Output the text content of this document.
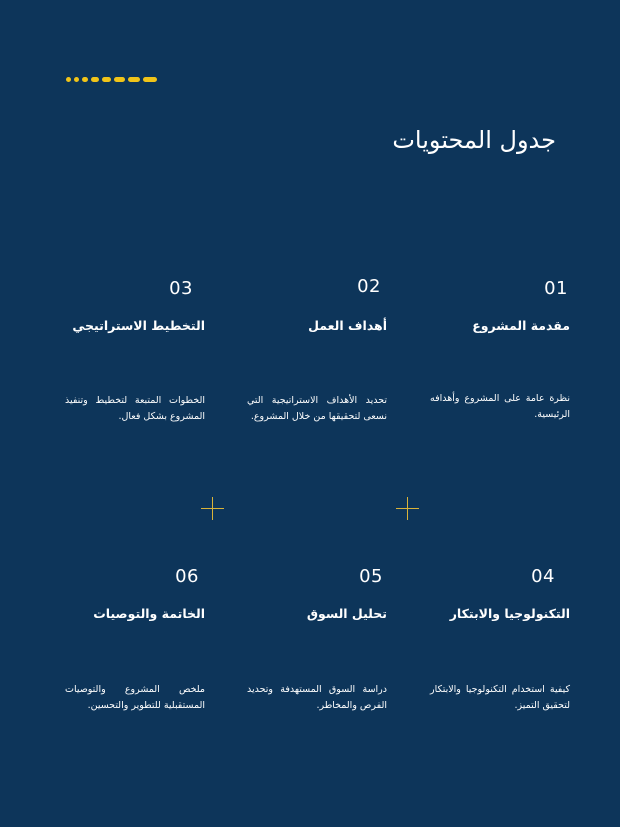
جدول المحتويات
01
مقدمة المشروع
نظرة عامة على المشروع وأهدافه الرئيسية.
02
أهداف العمل
تحديد الأهداف الاستراتيجية التي نسعى لتحقيقها من خلال المشروع.
03
التخطيط الاستراتيجي
الخطوات المتبعة لتخطيط وتنفيذ المشروع بشكل فعال.
04
التكنولوجيا والابتكار
كيفية استخدام التكنولوجيا والابتكار لتحقيق التميز.
05
تحليل السوق
دراسة السوق المستهدفة وتحديد الفرص والمخاطر.
06
الخاتمة والتوصيات
ملخص المشروع والتوصيات المستقبلية للتطوير والتحسين.
